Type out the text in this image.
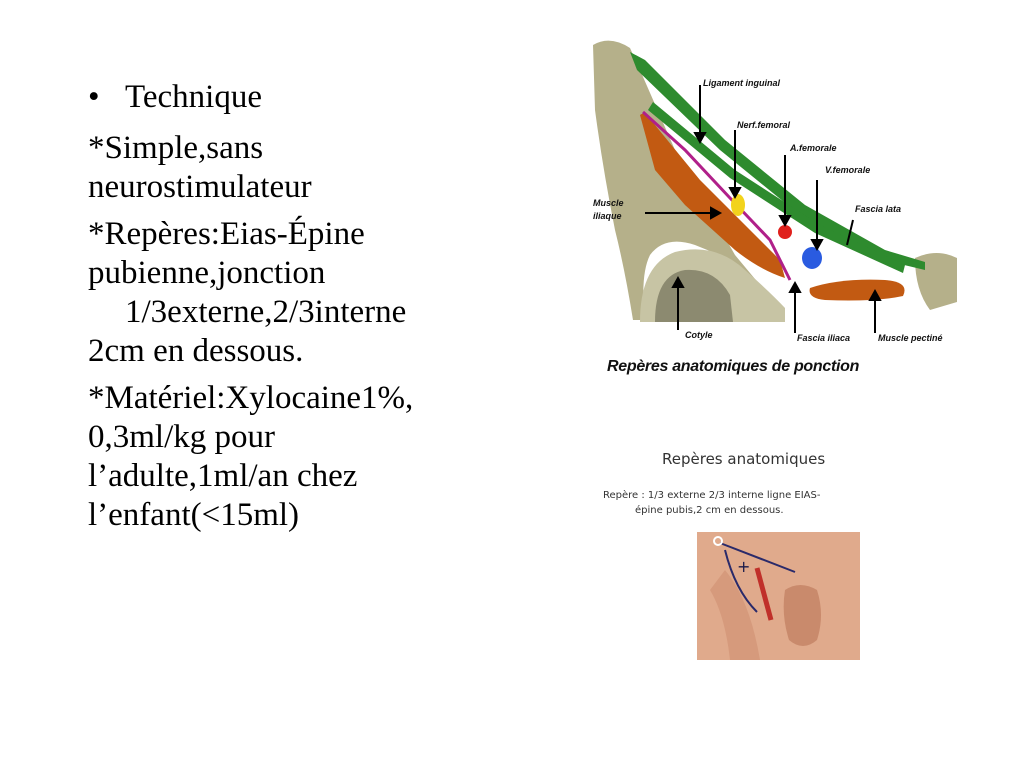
• Technique
*Simple,sans
neurostimulateur
*Repères:Eias-Épine
pubienne,jonction
1/3externe,2/3interne
2cm en dessous.
*Matériel:Xylocaine1%,
0,3ml/kg pour
l’adulte,1ml/an chez
l’enfant(<15ml)
Ligament inguinal
Nerf.femoral
A.femorale
V.femorale
Fascia lata
Muscle
iliaque
Cotyle	Fascia iliaca	Muscle pectiné
Repères anatomiques de ponction
Repères anatomiques
Repère : 1/3 externe 2/3 interne ligne EIAS-
épine pubis,2 cm en dessous.
+
